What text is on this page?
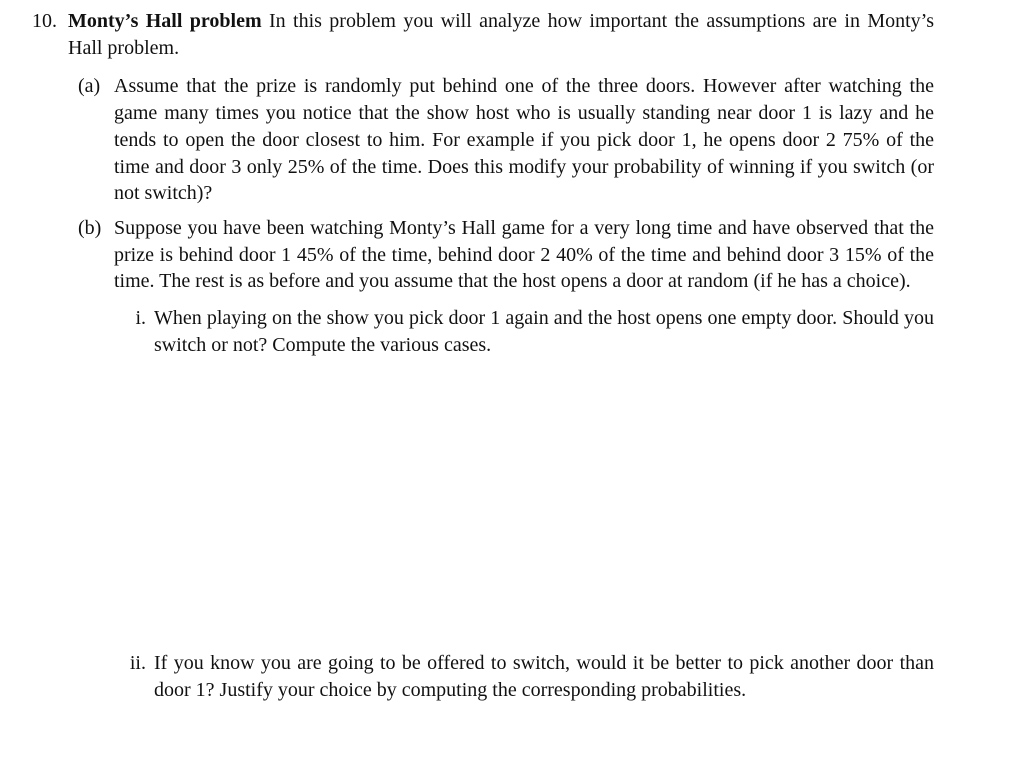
10. Monty’s Hall problem In this problem you will analyze how important the assumptions are in Monty’s Hall problem.
(a) Assume that the prize is randomly put behind one of the three doors. However after watching the game many times you notice that the show host who is usually standing near door 1 is lazy and he tends to open the door closest to him. For example if you pick door 1, he opens door 2 75% of the time and door 3 only 25% of the time. Does this modify your probability of winning if you switch (or not switch)?
(b) Suppose you have been watching Monty’s Hall game for a very long time and have observed that the prize is behind door 1 45% of the time, behind door 2 40% of the time and behind door 3 15% of the time. The rest is as before and you assume that the host opens a door at random (if he has a choice).
i. When playing on the show you pick door 1 again and the host opens one empty door. Should you switch or not? Compute the various cases.
ii. If you know you are going to be offered to switch, would it be better to pick another door than door 1? Justify your choice by computing the corresponding probabilities.
